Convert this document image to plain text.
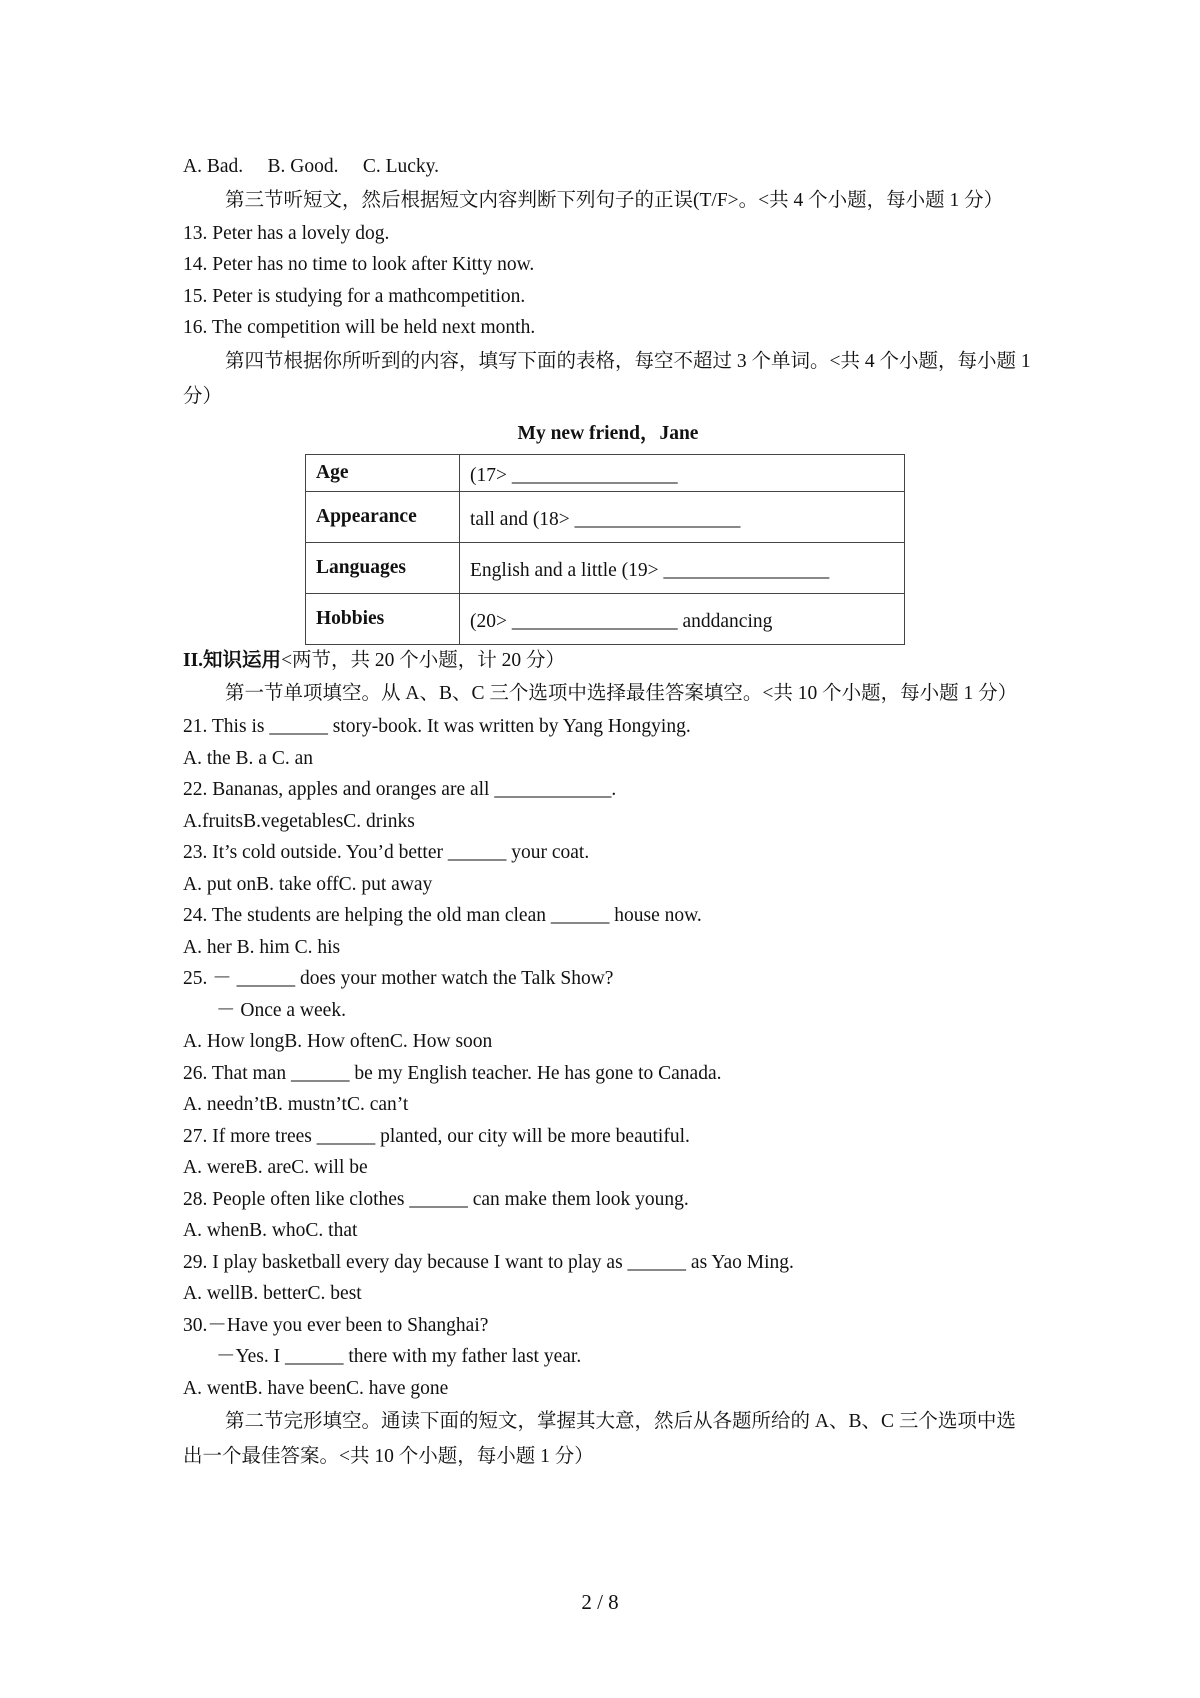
A. Bad.     B. Good.     C. Lucky.

第三节听短文，然后根据短文内容判断下列句子的正误(T/F>。<共 4 个小题，每小题 1 分）

13. Peter has a lovely dog.
14. Peter has no time to look after Kitty now.
15. Peter is studying for a mathcompetition.
16. The competition will be held next month.

第四节根据你所听到的内容，填写下面的表格，每空不超过 3 个单词。<共 4 个小题，每小题 1 分）

My new friend，Jane
Age	(17> _________________
Appearance	tall and (18> _________________
Languages	English and a little (19> _________________
Hobbies	(20> _________________ anddancing
II.知识运用<两节，共 20 个小题，计 20 分）

第一节单项填空。从 A、B、C 三个选项中选择最佳答案填空。<共 10 个小题，每小题 1 分）

21. This is ______ story-book. It was written by Yang Hongying.
A. the B. a C. an
22. Bananas, apples and oranges are all ____________.
A.fruitsB.vegetablesC. drinks
23. It’s cold outside. You’d better ______ your coat.
A. put onB. take offC. put away
24. The students are helping the old man clean ______ house now.
A. her B. him C. his
25. － ______ does your mother watch the Talk Show?
－ Once a week.
A. How longB. How oftenC. How soon
26. That man ______ be my English teacher. He has gone to Canada.
A. needn’tB. mustn’tC. can’t
27. If more trees ______ planted, our city will be more beautiful.
A. wereB. areC. will be
28. People often like clothes ______ can make them look young.
A. whenB. whoC. that
29. I play basketball every day because I want to play as ______ as Yao Ming.
A. wellB. betterC. best
30.－Have you ever been to Shanghai?
－Yes. I ______ there with my father last year.
A. wentB. have beenC. have gone

第二节完形填空。通读下面的短文，掌握其大意，然后从各题所给的 A、B、C 三个选项中选出一个最佳答案。<共 10 个小题，每小题 1 分）

2 / 8
